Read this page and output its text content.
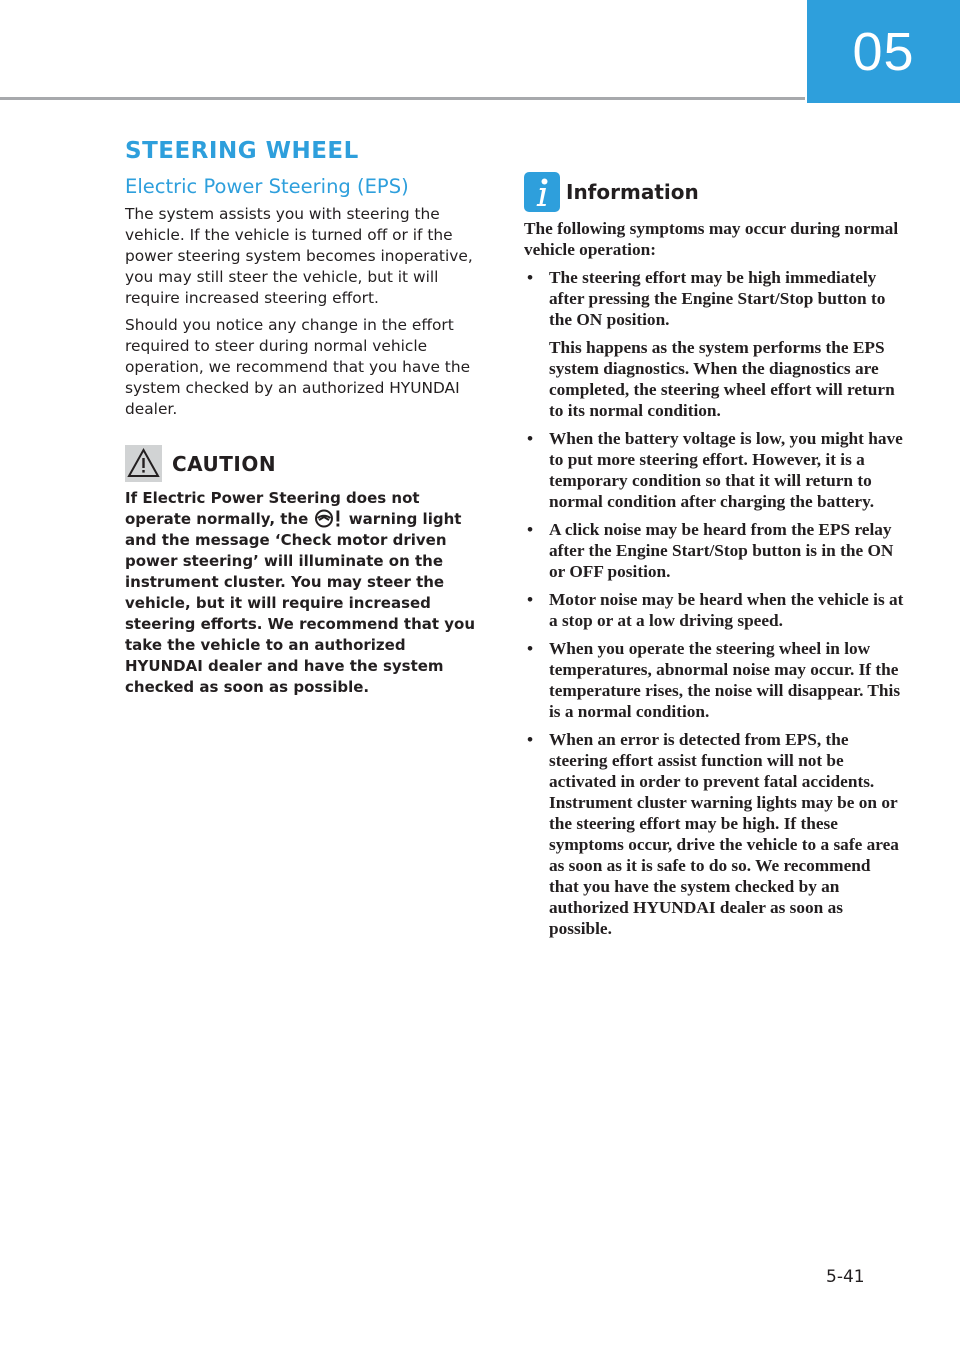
05
STEERING WHEEL
Electric Power Steering (EPS)

The system assists you with steering the vehicle. If the vehicle is turned off or if the power steering system becomes inoperative, you may still steer the vehicle, but it will require increased steering effort.

Should you notice any change in the effort required to steer during normal vehicle operation, we recommend that you have the system checked by an authorized HYUNDAI dealer.

CAUTION

If Electric Power Steering does not operate normally, the  warning light and the message ‘Check motor driven power steering’ will illuminate on the instrument cluster. You may steer the vehicle, but it will require increased steering efforts. We recommend that you take the vehicle to an authorized HYUNDAI dealer and have the system checked as soon as possible.

Information

The following symptoms may occur during normal vehicle operation:

• The steering effort may be high immediately after pressing the Engine Start/Stop button to the ON position.

This happens as the system performs the EPS system diagnostics. When the diagnostics are completed, the steering wheel effort will return to its normal condition.

• When the battery voltage is low, you might have to put more steering effort. However, it is a temporary condition so that it will return to normal condition after charging the battery.

• A click noise may be heard from the EPS relay after the Engine Start/Stop button is in the ON or OFF position.

• Motor noise may be heard when the vehicle is at a stop or at a low driving speed.

• When you operate the steering wheel in low temperatures, abnormal noise may occur. If the temperature rises, the noise will disappear. This is a normal condition.

• When an error is detected from EPS, the steering effort assist function will not be activated in order to prevent fatal accidents. Instrument cluster warning lights may be on or the steering effort may be high. If these symptoms occur, drive the vehicle to a safe area as soon as it is safe to do so. We recommend that you have the system checked by an authorized HYUNDAI dealer as soon as possible.

5-41
